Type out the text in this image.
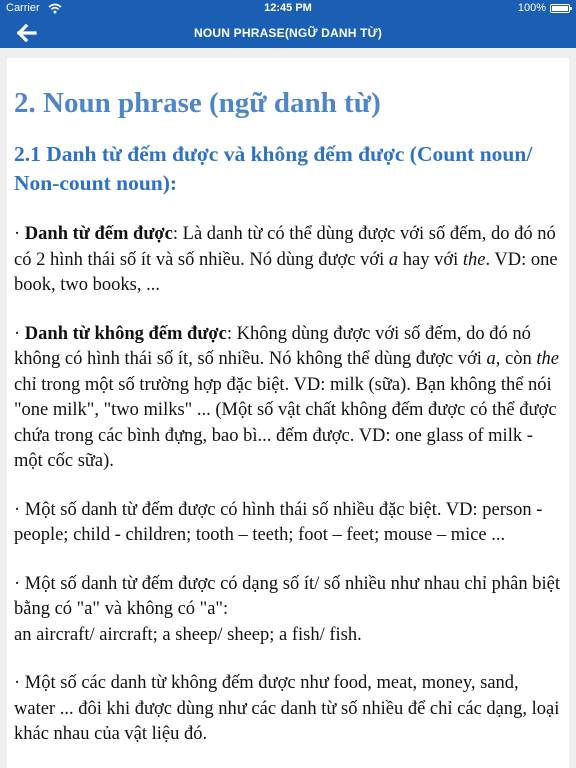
Carrier	12:45 PM	100%
NOUN PHRASE(NGỮ DANH TỪ)
2. Noun phrase (ngữ danh từ)
2.1 Danh từ đếm được và không đếm được (Count noun/ Non-count noun):

· Danh từ đếm được: Là danh từ có thể dùng được với số đếm, do đó nó có 2 hình thái số ít và số nhiều. Nó dùng được với a hay với the. VD: one book, two books, ...

· Danh từ không đếm được: Không dùng được với số đếm, do đó nó không có hình thái số ít, số nhiều. Nó không thể dùng được với a, còn the chỉ trong một số trường hợp đặc biệt. VD: milk (sữa). Bạn không thể nói "one milk", "two milks" ... (Một số vật chất không đếm được có thể được chứa trong các bình đựng, bao bì... đếm được. VD: one glass of milk - một cốc sữa).

· Một số danh từ đếm được có hình thái số nhiều đặc biệt. VD: person - people; child - children; tooth – teeth; foot – feet; mouse – mice ...

· Một số danh từ đếm được có dạng số ít/ số nhiều như nhau chỉ phân biệt bằng có "a" và không có "a":
an aircraft/ aircraft; a sheep/ sheep; a fish/ fish.

· Một số các danh từ không đếm được như food, meat, money, sand, water ... đôi khi được dùng như các danh từ số nhiều để chỉ các dạng, loại khác nhau của vật liệu đó.
